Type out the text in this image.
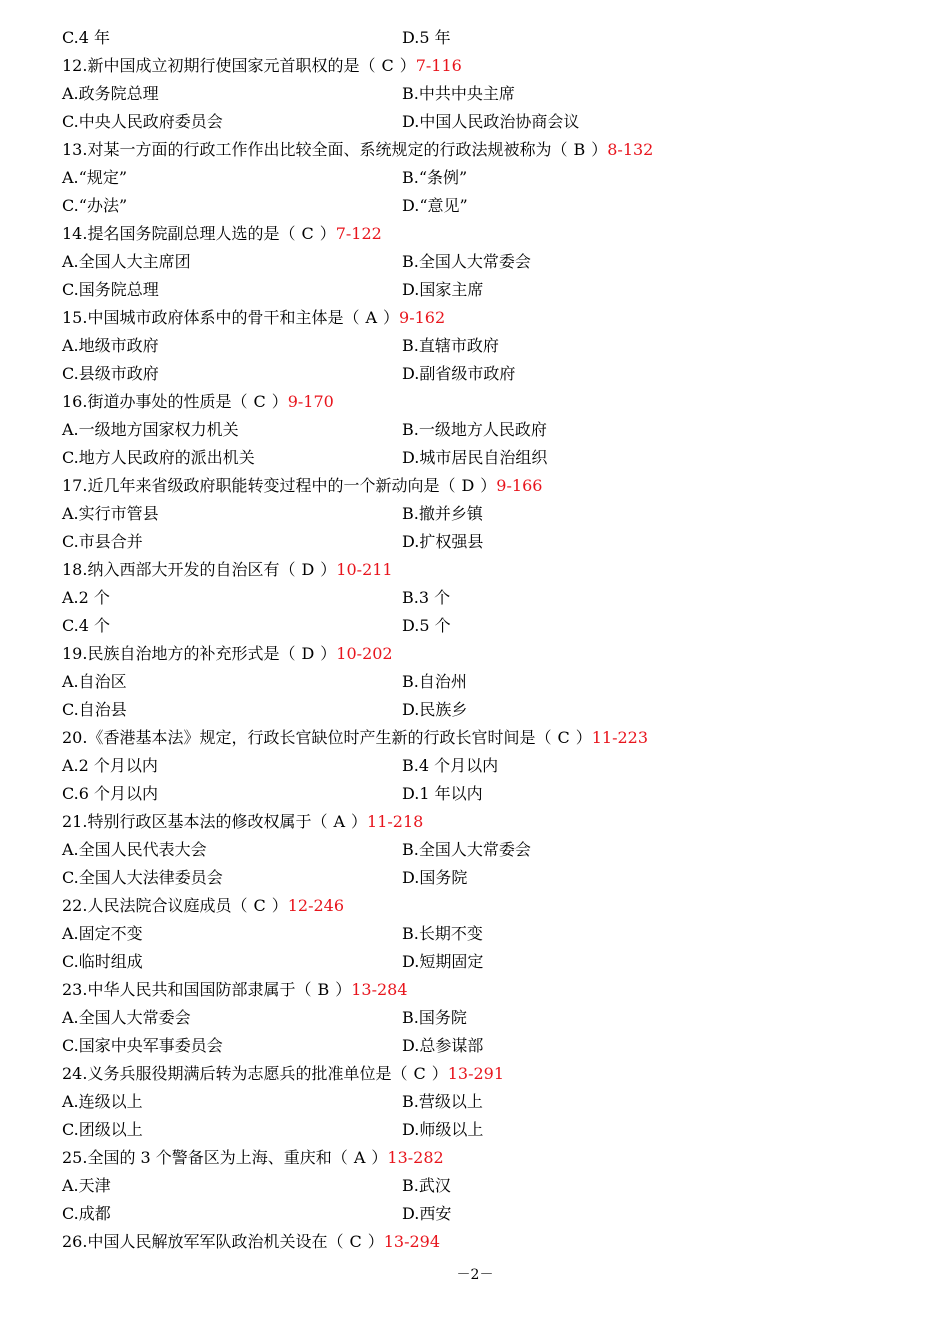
C.4 年	D.5 年
12.新中国成立初期行使国家元首职权的是（ C ）7-116
A.政务院总理	B.中共中央主席
C.中央人民政府委员会	D.中国人民政治协商会议
13.对某一方面的行政工作作出比较全面、系统规定的行政法规被称为（ B ）8-132
A.“规定”	B.“条例”
C.“办法”	D.“意见”
14.提名国务院副总理人选的是（ C ）7-122
A.全国人大主席团	B.全国人大常委会
C.国务院总理	D.国家主席
15.中国城市政府体系中的骨干和主体是（ A ）9-162
A.地级市政府	B.直辖市政府
C.县级市政府	D.副省级市政府
16.街道办事处的性质是（ C ）9-170
A.一级地方国家权力机关	B.一级地方人民政府
C.地方人民政府的派出机关	D.城市居民自治组织
17.近几年来省级政府职能转变过程中的一个新动向是（ D ）9-166
A.实行市管县	B.撤并乡镇
C.市县合并	D.扩权强县
18.纳入西部大开发的自治区有（ D ）10-211
A.2 个	B.3 个
C.4 个	D.5 个
19.民族自治地方的补充形式是（ D ）10-202
A.自治区	B.自治州
C.自治县	D.民族乡
20.《香港基本法》规定，行政长官缺位时产生新的行政长官时间是（ C ）11-223
A.2 个月以内	B.4 个月以内
C.6 个月以内	D.1 年以内
21.特别行政区基本法的修改权属于（ A ）11-218
A.全国人民代表大会	B.全国人大常委会
C.全国人大法律委员会	D.国务院
22.人民法院合议庭成员（ C ）12-246
A.固定不变	B.长期不变
C.临时组成	D.短期固定
23.中华人民共和国国防部隶属于（ B ）13-284
A.全国人大常委会	B.国务院
C.国家中央军事委员会	D.总参谋部
24.义务兵服役期满后转为志愿兵的批准单位是（ C ）13-291
A.连级以上	B.营级以上
C.团级以上	D.师级以上
25.全国的 3 个警备区为上海、重庆和（ A ）13-282
A.天津	B.武汉
C.成都	D.西安
26.中国人民解放军军队政治机关设在（ C ）13-294
－2－
